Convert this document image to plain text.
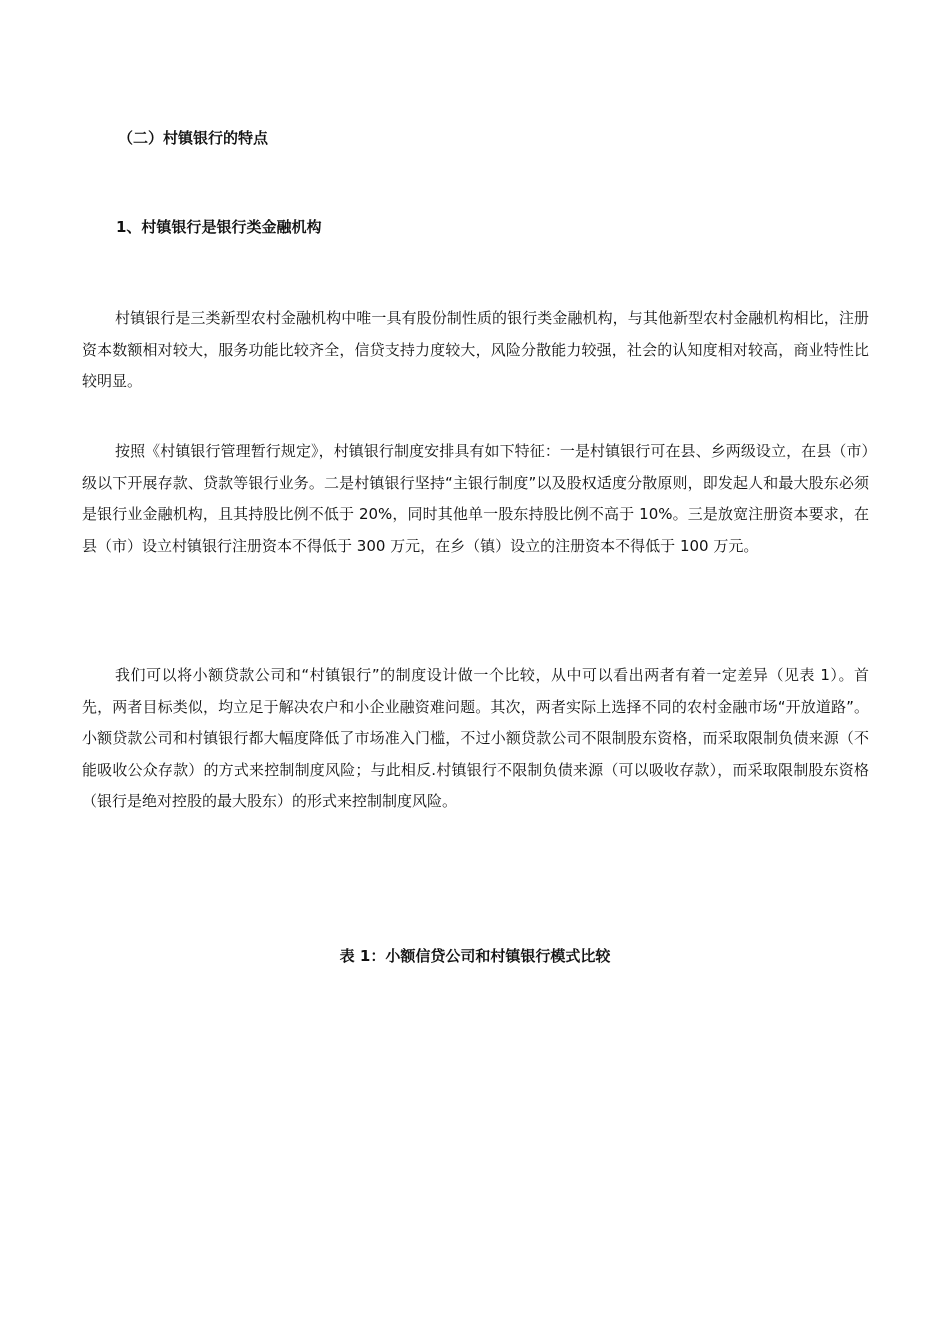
（二）村镇银行的特点
1、村镇银行是银行类金融机构

村镇银行是三类新型农村金融机构中唯一具有股份制性质的银行类金融机构，与其他新型农村金融机构相比，注册资本数额相对较大，服务功能比较齐全，信贷支持力度较大，风险分散能力较强，社会的认知度相对较高，商业特性比较明显。

按照《村镇银行管理暂行规定》，村镇银行制度安排具有如下特征：一是村镇银行可在县、乡两级设立，在县（市）级以下开展存款、贷款等银行业务。二是村镇银行坚持“主银行制度”以及股权适度分散原则，即发起人和最大股东必须是银行业金融机构，且其持股比例不低于 20%，同时其他单一股东持股比例不高于 10%。三是放宽注册资本要求，在县（市）设立村镇银行注册资本不得低于 300 万元，在乡（镇）设立的注册资本不得低于 100 万元。

我们可以将小额贷款公司和“村镇银行”的制度设计做一个比较，从中可以看出两者有着一定差异（见表 1）。首先，两者目标类似，均立足于解决农户和小企业融资难问题。其次，两者实际上选择不同的农村金融市场“开放道路”。小额贷款公司和村镇银行都大幅度降低了市场准入门槛，不过小额贷款公司不限制股东资格，而采取限制负债来源（不能吸收公众存款）的方式来控制制度风险；与此相反.村镇银行不限制负债来源（可以吸收存款），而采取限制股东资格（银行是绝对控股的最大股东）的形式来控制制度风险。

表 1：小额信贷公司和村镇银行模式比较
